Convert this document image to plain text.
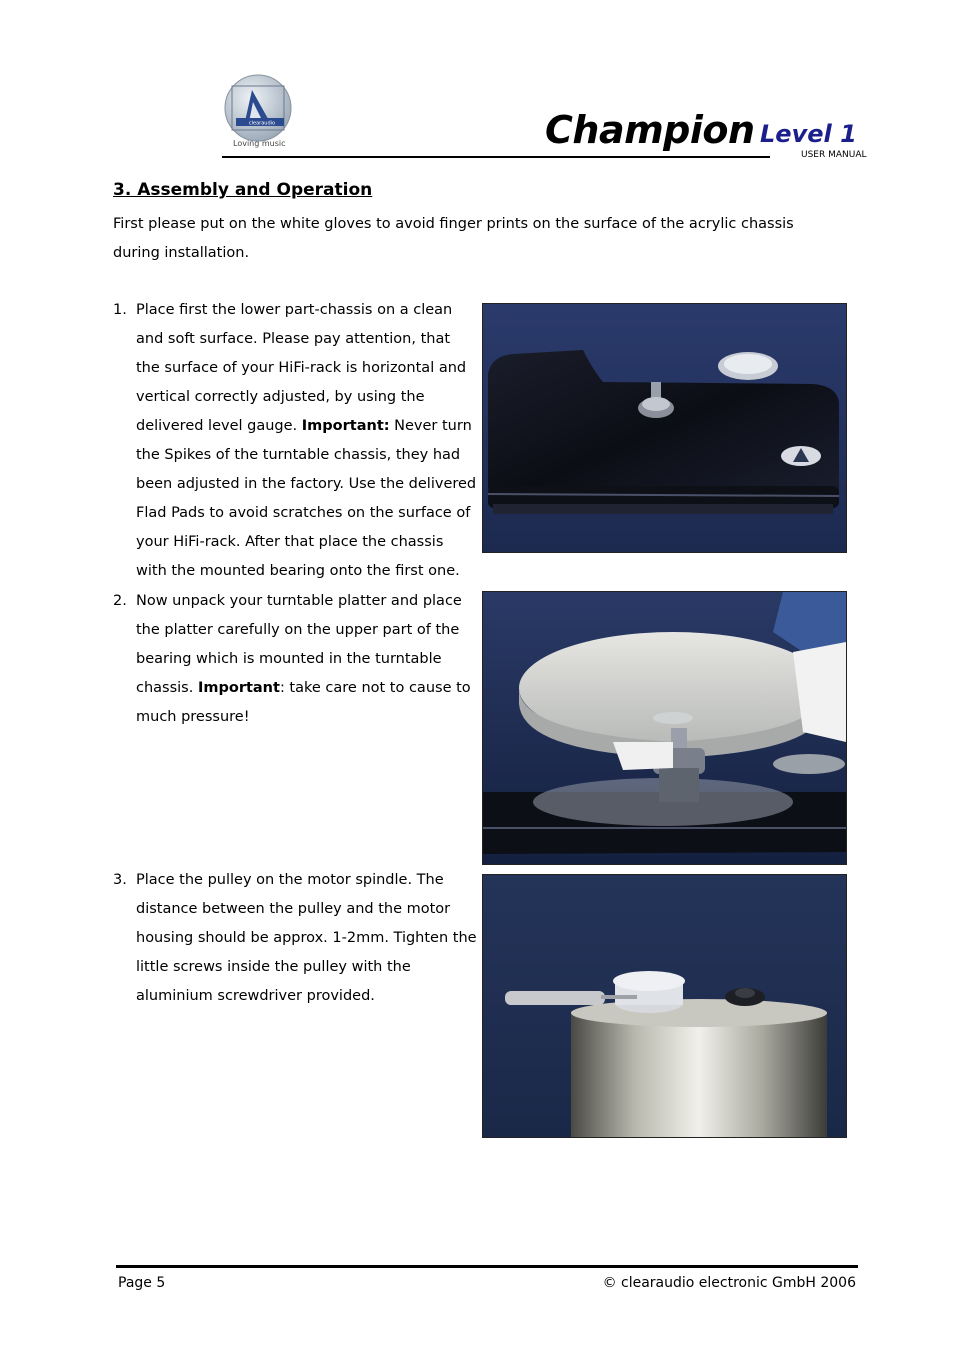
clearaudio
Loving music	Champion Level 1
USER MANUAL
3. Assembly and Operation
First please put on the white gloves to avoid finger prints on the surface of the acrylic chassis during installation.
1. Place first the lower part-chassis on a clean and soft surface. Please pay attention, that the surface of your HiFi-rack is horizontal and vertical correctly adjusted, by using the delivered level gauge. Important: Never turn the Spikes of the turntable chassis, they had been adjusted in the factory. Use the delivered Flad Pads to avoid scratches on the surface of your HiFi-rack. After that place the chassis with the mounted bearing onto the first one.
2. Now unpack your turntable platter and place the platter carefully on the upper part of the bearing which is mounted in the turntable chassis. Important: take care not to cause to much pressure!
3. Place the pulley on the motor spindle. The distance between the pulley and the motor housing should be approx. 1-2mm. Tighten the little screws inside the pulley with the aluminium screwdriver provided.
Page 5	© clearaudio electronic GmbH 2006
